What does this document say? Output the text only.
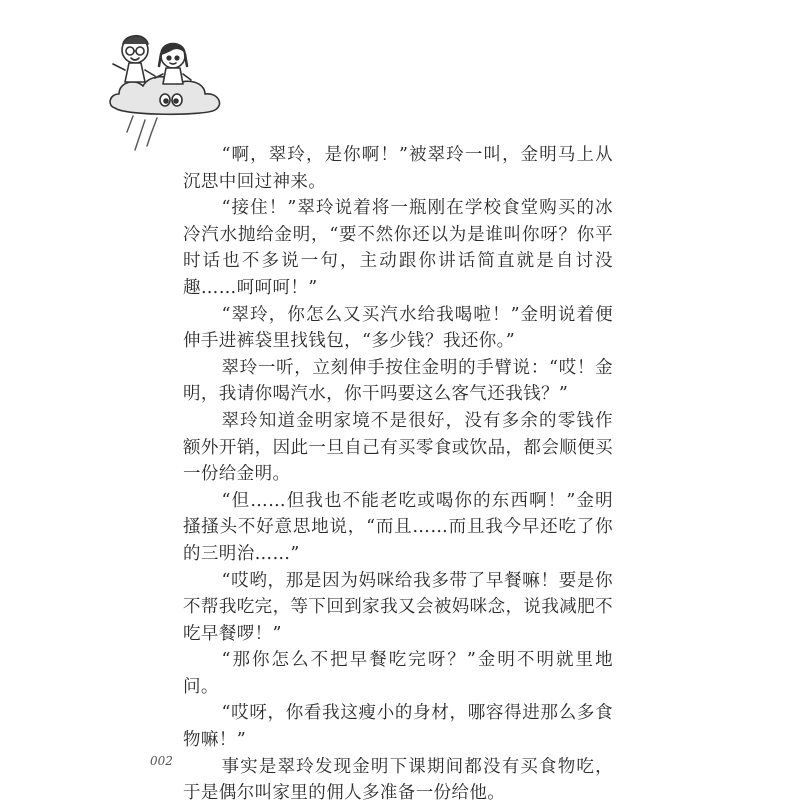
“啊，翠玲，是你啊！”被翠玲一叫，金明马上从沉思中回过神来。

“接住！”翠玲说着将一瓶刚在学校食堂购买的冰冷汽水抛给金明，“要不然你还以为是谁叫你呀？你平时话也不多说一句，主动跟你讲话简直就是自讨没趣……呵呵呵！”

“翠玲，你怎么又买汽水给我喝啦！”金明说着便伸手进裤袋里找钱包，“多少钱？我还你。”

翠玲一听，立刻伸手按住金明的手臂说：“哎！金明，我请你喝汽水，你干吗要这么客气还我钱？”

翠玲知道金明家境不是很好，没有多余的零钱作额外开销，因此一旦自己有买零食或饮品，都会顺便买一份给金明。

“但……但我也不能老吃或喝你的东西啊！”金明搔搔头不好意思地说，“而且……而且我今早还吃了你的三明治……”

“哎哟，那是因为妈咪给我多带了早餐嘛！要是你不帮我吃完，等下回到家我又会被妈咪念，说我减肥不吃早餐啰！”

“那你怎么不把早餐吃完呀？”金明不明就里地问。

“哎呀，你看我这瘦小的身材，哪容得进那么多食物嘛！”

事实是翠玲发现金明下课期间都没有买食物吃，于是偶尔叫家里的佣人多准备一份给他。

002
